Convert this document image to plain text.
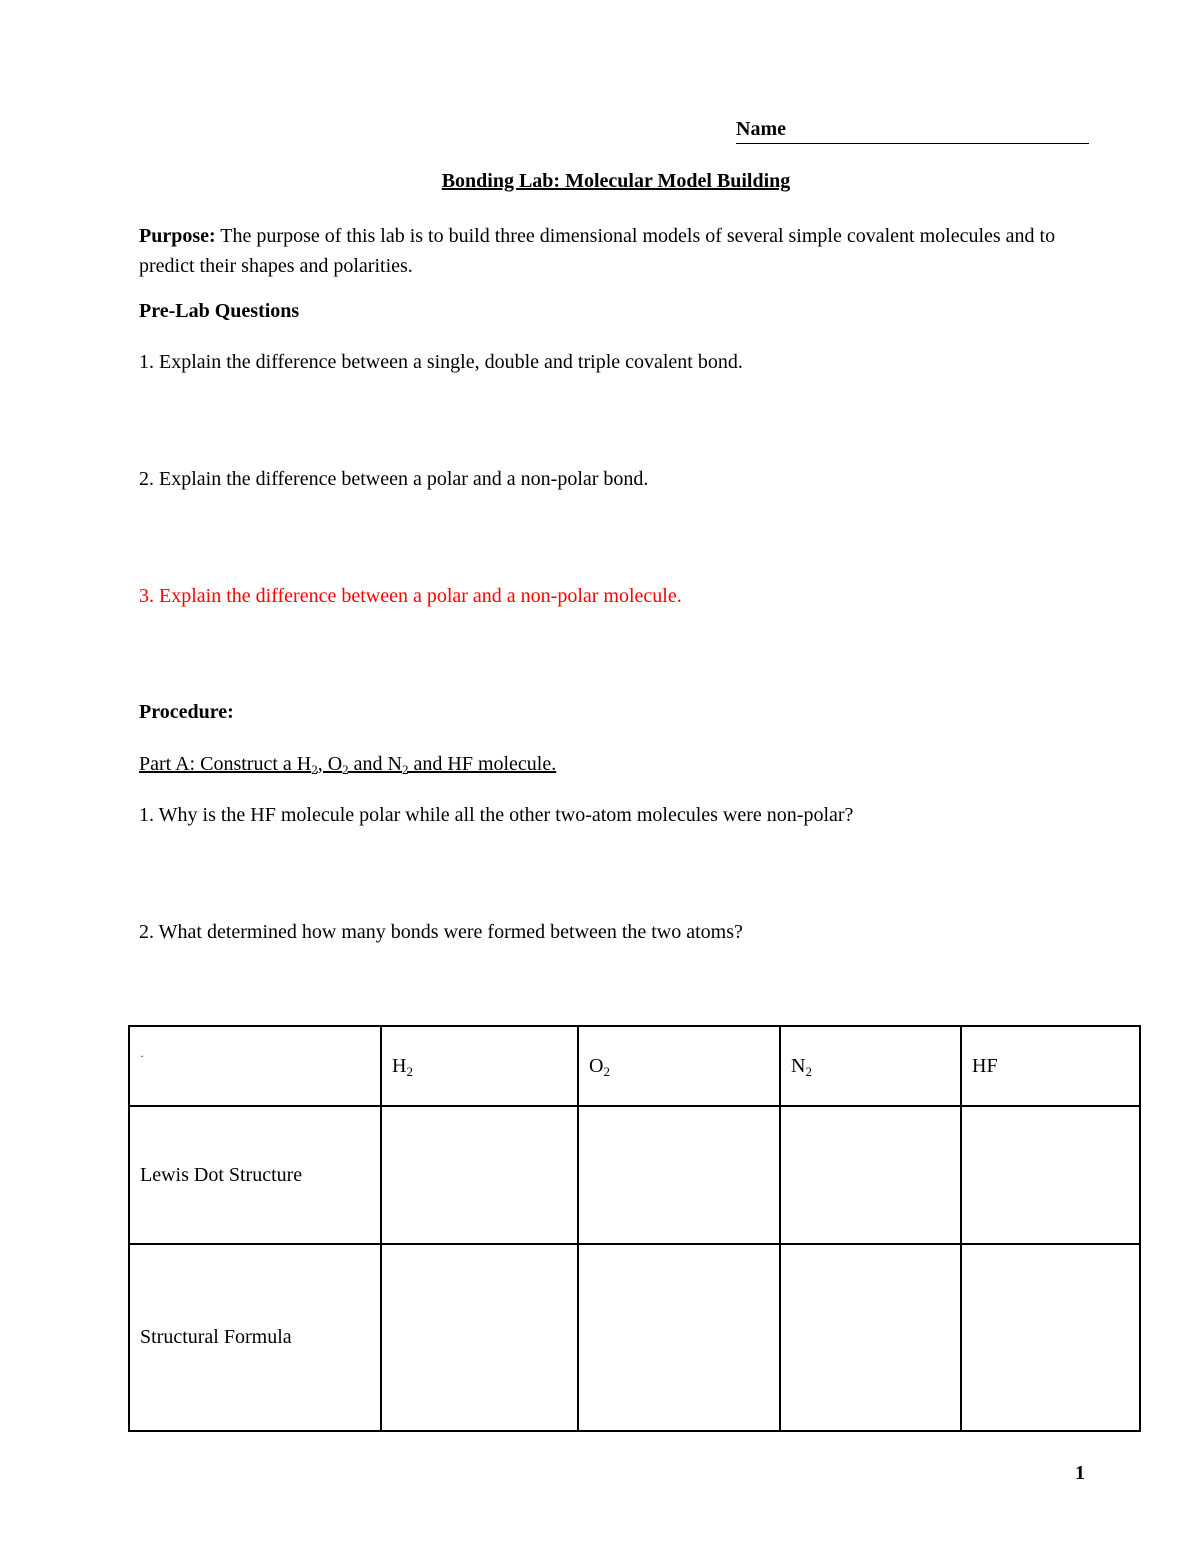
Name
Bonding Lab: Molecular Model Building
Purpose: The purpose of this lab is to build three dimensional models of several simple covalent molecules and to predict their shapes and polarities.
Pre-Lab Questions
1. Explain the difference between a single, double and triple covalent bond.
2. Explain the difference between a polar and a non-polar bond.
3. Explain the difference between a polar and a non-polar molecule.
Procedure:
Part A: Construct a $H_2$, $O_2$ and $N_2$ and HF molecule.
1. Why is the HF molecule polar while all the other two-atom molecules were non-polar?
2. What determined how many bonds were formed between the two atoms?
·	$H_2$	$O_2$	$N_2$	HF
Lewis Dot Structure				
Structural Formula				
1
